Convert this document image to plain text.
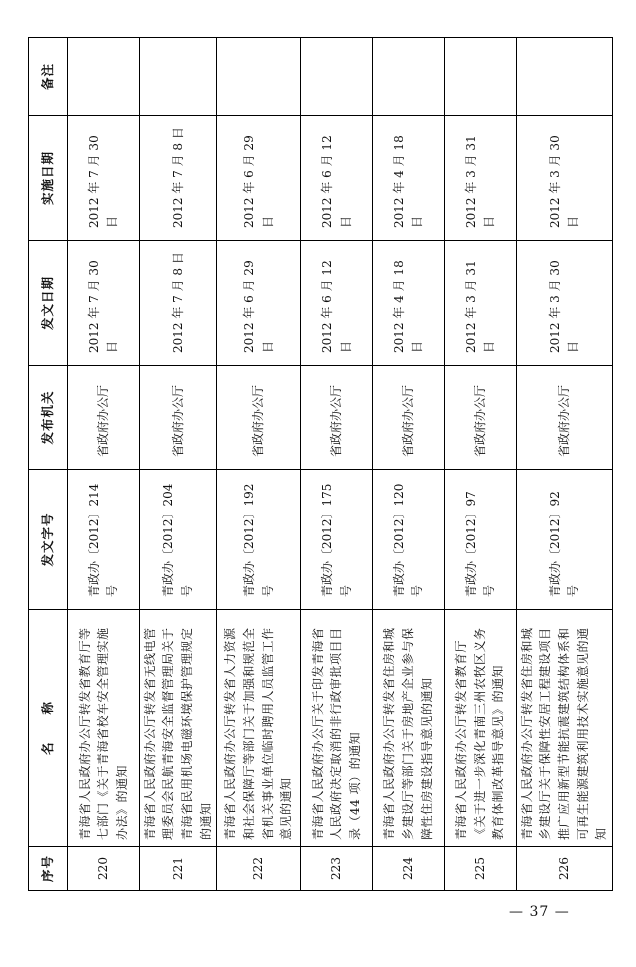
序号	名　　称	发文字号	发布机关	发文日期	实施日期	备注
220	青海省人民政府办公厅转发省教育厅等七部门《关于青海省校车安全管理实施办法》的通知	青政办〔2012〕214 号	省政府办公厅	2012 年 7 月 30 日	2012 年 7 月 30 日	
221	青海省人民政府办公厅转发省无线电管理委员会民航青海安全监督管理局关于青海省民用机场电磁环境保护管理规定的通知	青政办〔2012〕204 号	省政府办公厅	2012 年 7 月 8 日	2012 年 7 月 8 日	
222	青海省人民政府办公厅转发省人力资源和社会保障厅等部门关于加强和规范全省机关事业单位临时聘用人员监管工作意见的通知	青政办〔2012〕192 号	省政府办公厅	2012 年 6 月 29 日	2012 年 6 月 29 日	
223	青海省人民政府办公厅关于印发青海省人民政府决定取消的非行政审批项目目录（44 项）的通知	青政办〔2012〕175 号	省政府办公厅	2012 年 6 月 12 日	2012 年 6 月 12 日	
224	青海省人民政府办公厅转发省住房和城乡建设厅等部门关于房地产企业参与保障性住房建设指导意见的通知	青政办〔2012〕120 号	省政府办公厅	2012 年 4 月 18 日	2012 年 4 月 18 日	
225	青海省人民政府办公厅转发省教育厅《关于进一步深化青南三州农牧区义务教育体制改革指导意见》的通知	青政办〔2012〕97 号	省政府办公厅	2012 年 3 月 31 日	2012 年 3 月 31 日	
226	青海省人民政府办公厅转发省住房和城乡建设厅关于保障性安居工程建设项目推广应用新型节能抗震建筑结构体系和可再生能源建筑利用技术实施意见的通知	青政办〔2012〕92 号	省政府办公厅	2012 年 3 月 30 日	2012 年 3 月 30 日	
— 37 —
